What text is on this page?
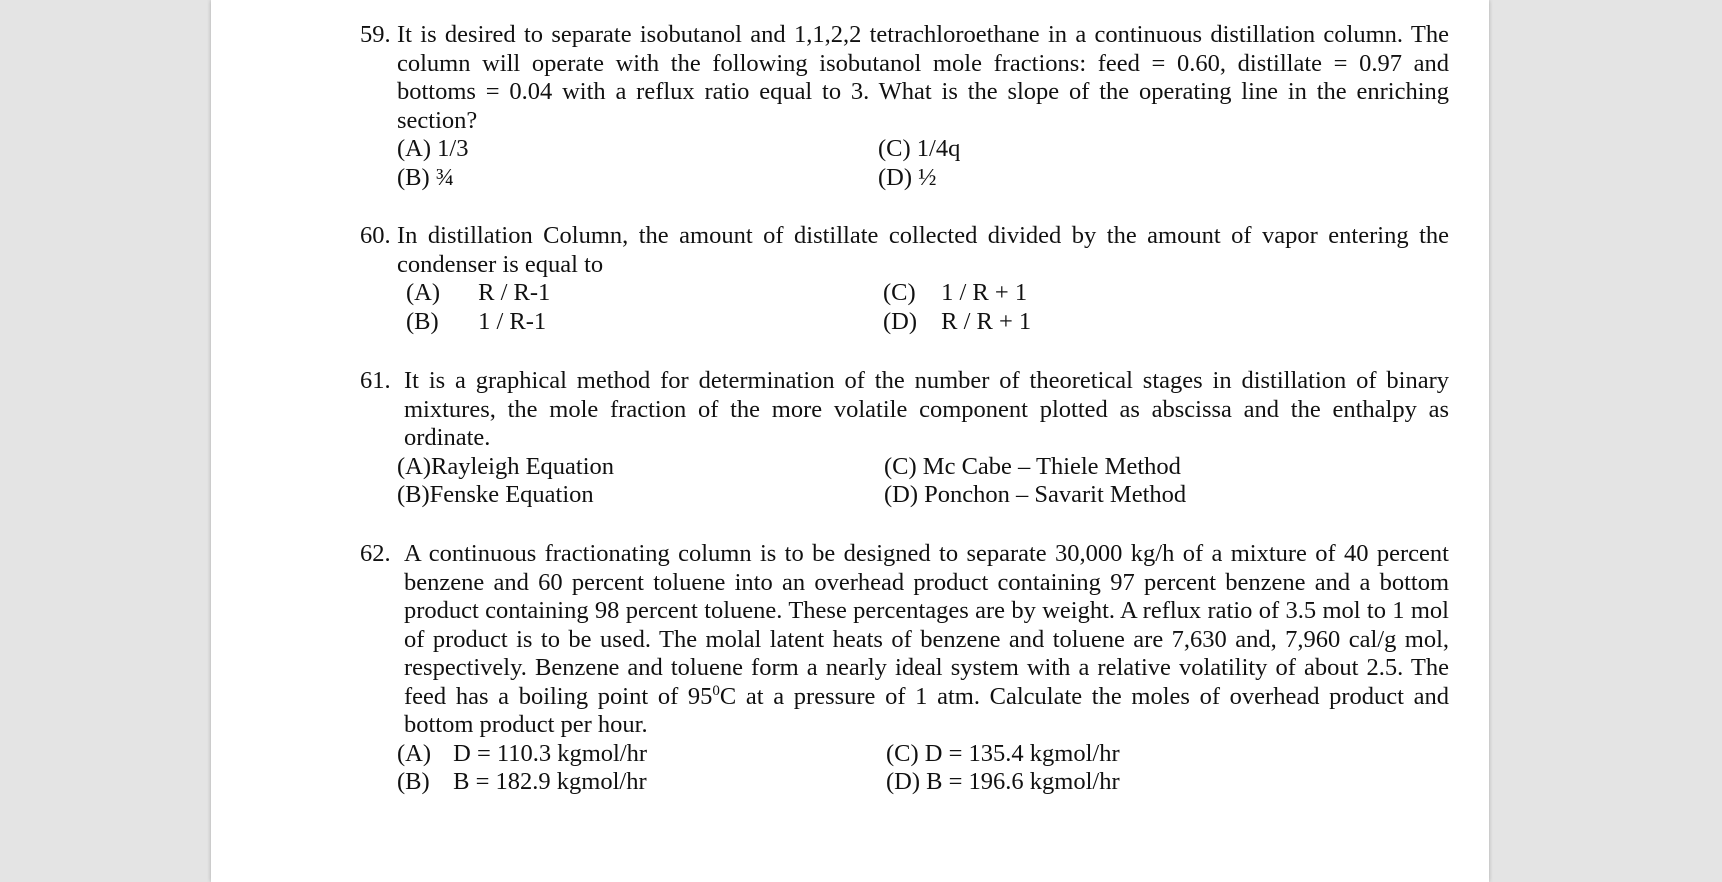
59. It is desired to separate isobutanol and 1,1,2,2 tetrachloroethane in a continuous distillation column. The column will operate with the following isobutanol mole fractions: feed = 0.60, distillate = 0.97 and bottoms = 0.04 with a reflux ratio equal to 3. What is the slope of the operating line in the enriching section?
(A) 1/3
(B) ¾
(C) 1/4q
(D) ½
60. In distillation Column, the amount of distillate collected divided by the amount of vapor entering the condenser is equal to
(A) R / R-1
(B) 1 / R-1
(C) 1 / R + 1
(D) R / R + 1
61. It is a graphical method for determination of the number of theoretical stages in distillation of binary mixtures, the mole fraction of the more volatile component plotted as abscissa and the enthalpy as ordinate.
(A)Rayleigh Equation
(B)Fenske Equation
(C) Mc Cabe – Thiele Method
(D) Ponchon – Savarit Method
62. A continuous fractionating column is to be designed to separate 30,000 kg/h of a mixture of 40 percent benzene and 60 percent toluene into an overhead product containing 97 percent benzene and a bottom product containing 98 percent toluene. These percentages are by weight. A reflux ratio of 3.5 mol to 1 mol of product is to be used. The molal latent heats of benzene and toluene are 7,630 and, 7,960 cal/g mol, respectively. Benzene and toluene form a nearly ideal system with a relative volatility of about 2.5. The feed has a boiling point of $95^0C$ at a pressure of 1 atm. Calculate the moles of overhead product and bottom product per hour.
(A) D = 110.3 kgmol/hr
(B) B = 182.9 kgmol/hr
(C) D = 135.4 kgmol/hr
(D) B = 196.6 kgmol/hr
